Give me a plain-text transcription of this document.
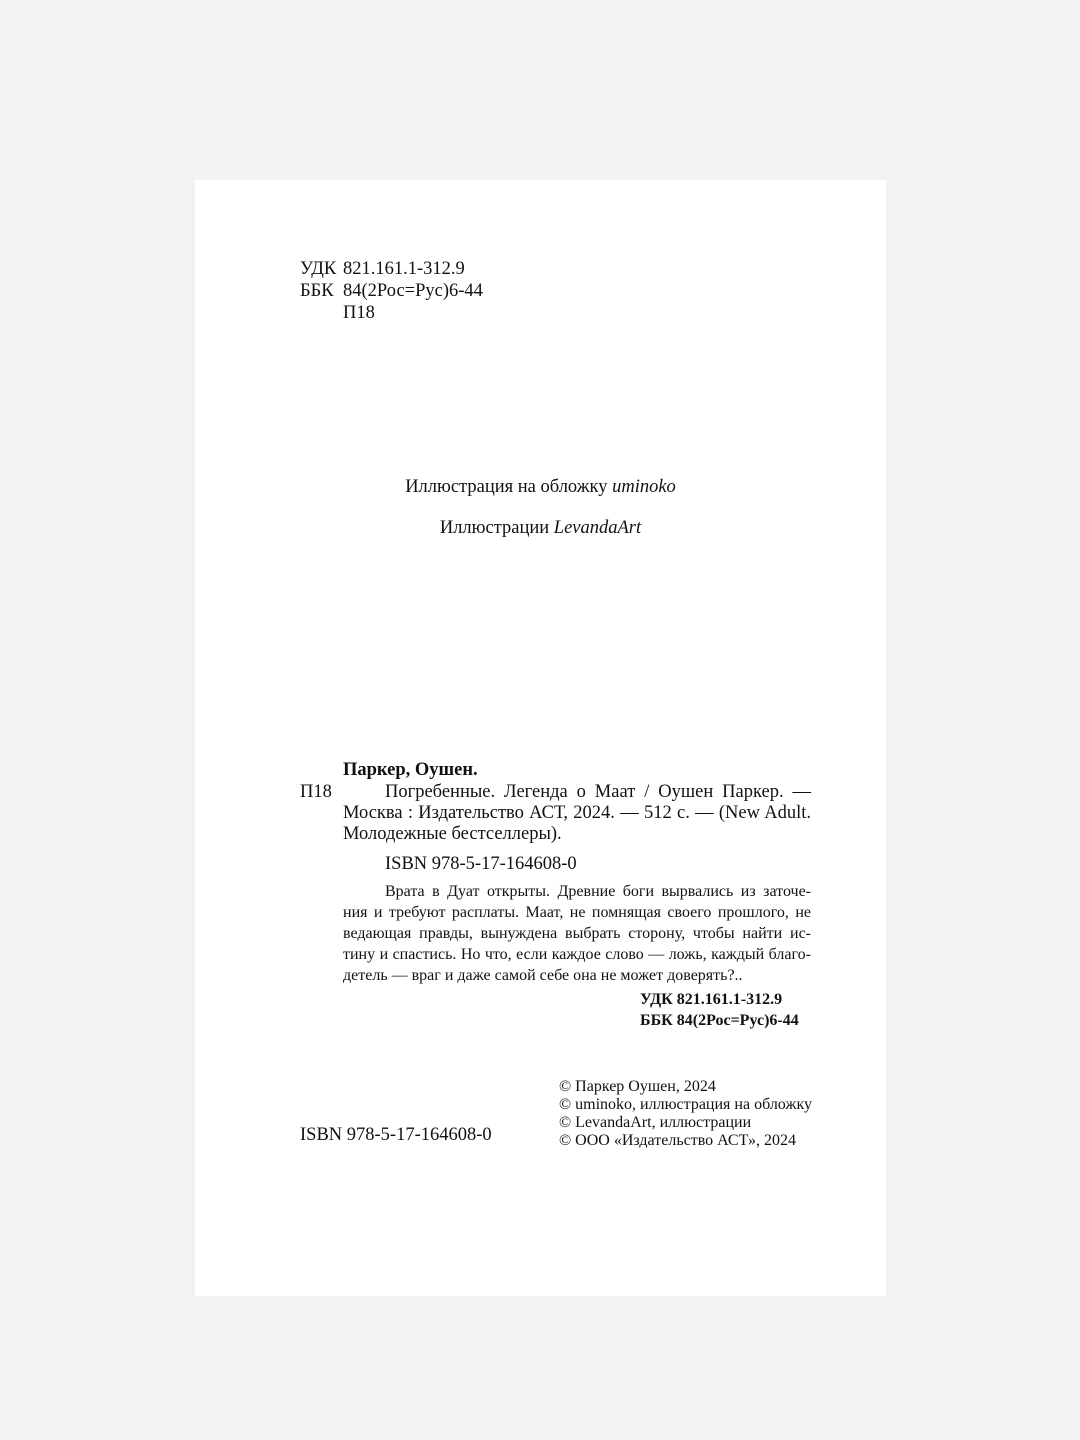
УДК 821.161.1-312.9
ББК 84(2Рос=Рус)6-44
П18
Иллюстрация на обложку uminoko
Иллюстрации LevandaArt
Паркер, Оушен.
П18	Погребенные. Легенда о Маат / Оушен Паркер. —
Москва : Издательство АСТ, 2024. — 512 с. — (New Adult.
Молодежные бестселлеры).
ISBN 978-5-17-164608-0
Врата в Дуат открыты. Древние боги вырвались из заточе-
ния и требуют расплаты. Маат, не помнящая своего прошлого, не
ведающая правды, вынуждена выбрать сторону, чтобы найти ис-
тину и спастись. Но что, если каждое слово — ложь, каждый благо-
детель — враг и даже самой себе она не может доверять?..
УДК 821.161.1-312.9
ББК 84(2Рос=Рус)6-44
© Паркер Оушен, 2024
© uminoko, иллюстрация на обложку
© LevandaArt, иллюстрации
© ООО «Издательство АСТ», 2024
ISBN 978-5-17-164608-0
